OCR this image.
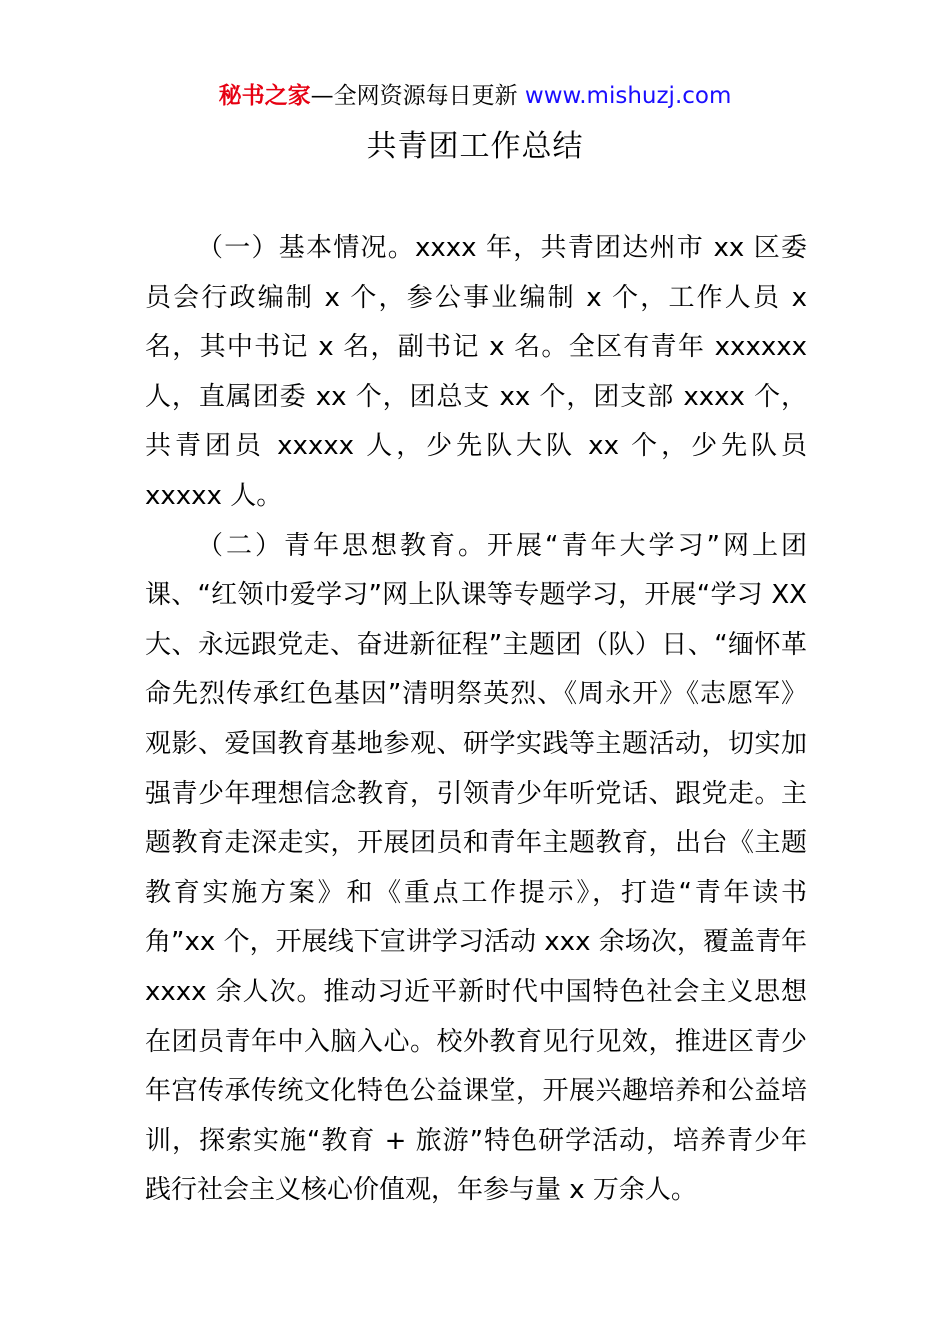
秘书之家—全网资源每日更新 www.mishuzj.com
共青团工作总结

（一）基本情况。xxxx 年，共青团达州市 xx 区委员会行政编制 x 个，参公事业编制 x 个，工作人员 x 名，其中书记 x 名，副书记 x 名。全区有青年 xxxxxx 人，直属团委 xx 个，团总支 xx 个，团支部 xxxx 个，共青团员 xxxxx 人，少先队大队 xx 个，少先队员 xxxxx 人。

（二）青年思想教育。开展“青年大学习”网上团课、“红领巾爱学习”网上队课等专题学习，开展“学习 XX 大、永远跟党走、奋进新征程”主题团（队）日、“缅怀革命先烈传承红色基因”清明祭英烈、《周永开》《志愿军》观影、爱国教育基地参观、研学实践等主题活动，切实加强青少年理想信念教育，引领青少年听党话、跟党走。主题教育走深走实，开展团员和青年主题教育，出台《主题教育实施方案》和《重点工作提示》，打造“青年读书角”xx 个，开展线下宣讲学习活动 xxx 余场次，覆盖青年 xxxx 余人次。推动习近平新时代中国特色社会主义思想在团员青年中入脑入心。校外教育见行见效，推进区青少年宫传承传统文化特色公益课堂，开展兴趣培养和公益培训，探索实施“教育 + 旅游”特色研学活动，培养青少年践行社会主义核心价值观，年参与量 x 万余人。
